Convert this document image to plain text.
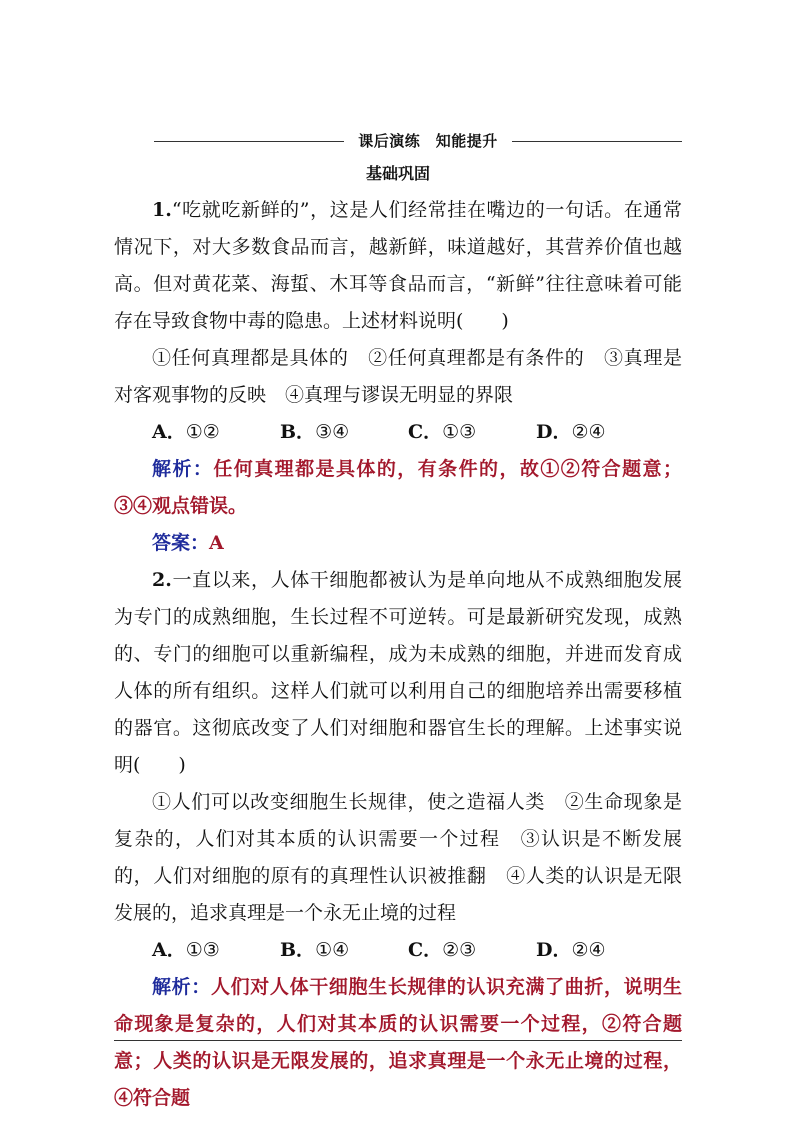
课后演练　知能提升
基础巩固

1.“吃就吃新鲜的”，这是人们经常挂在嘴边的一句话。在通常情况下，对大多数食品而言，越新鲜，味道越好，其营养价值也越高。但对黄花菜、海蜇、木耳等食品而言，“新鲜”往往意味着可能存在导致食物中毒的隐患。上述材料说明(　　)

①任何真理都是具体的　②任何真理都是有条件的　③真理是对客观事物的反映　④真理与谬误无明显的界限

A．①②	B．③④	C．①③	D．②④

解析：任何真理都是具体的，有条件的，故①②符合题意；③④观点错误。

答案：A

2.一直以来，人体干细胞都被认为是单向地从不成熟细胞发展为专门的成熟细胞，生长过程不可逆转。可是最新研究发现，成熟的、专门的细胞可以重新编程，成为未成熟的细胞，并进而发育成人体的所有组织。这样人们就可以利用自己的细胞培养出需要移植的器官。这彻底改变了人们对细胞和器官生长的理解。上述事实说明(　　)

①人们可以改变细胞生长规律，使之造福人类　②生命现象是复杂的，人们对其本质的认识需要一个过程　③认识是不断发展的，人们对细胞的原有的真理性认识被推翻　④人类的认识是无限发展的，追求真理是一个永无止境的过程

A．①③	B．①④	C．②③	D．②④

解析：人们对人体干细胞生长规律的认识充满了曲折，说明生命现象是复杂的，人们对其本质的认识需要一个过程，②符合题意；人类的认识是无限发展的，追求真理是一个永无止境的过程，④符合题
